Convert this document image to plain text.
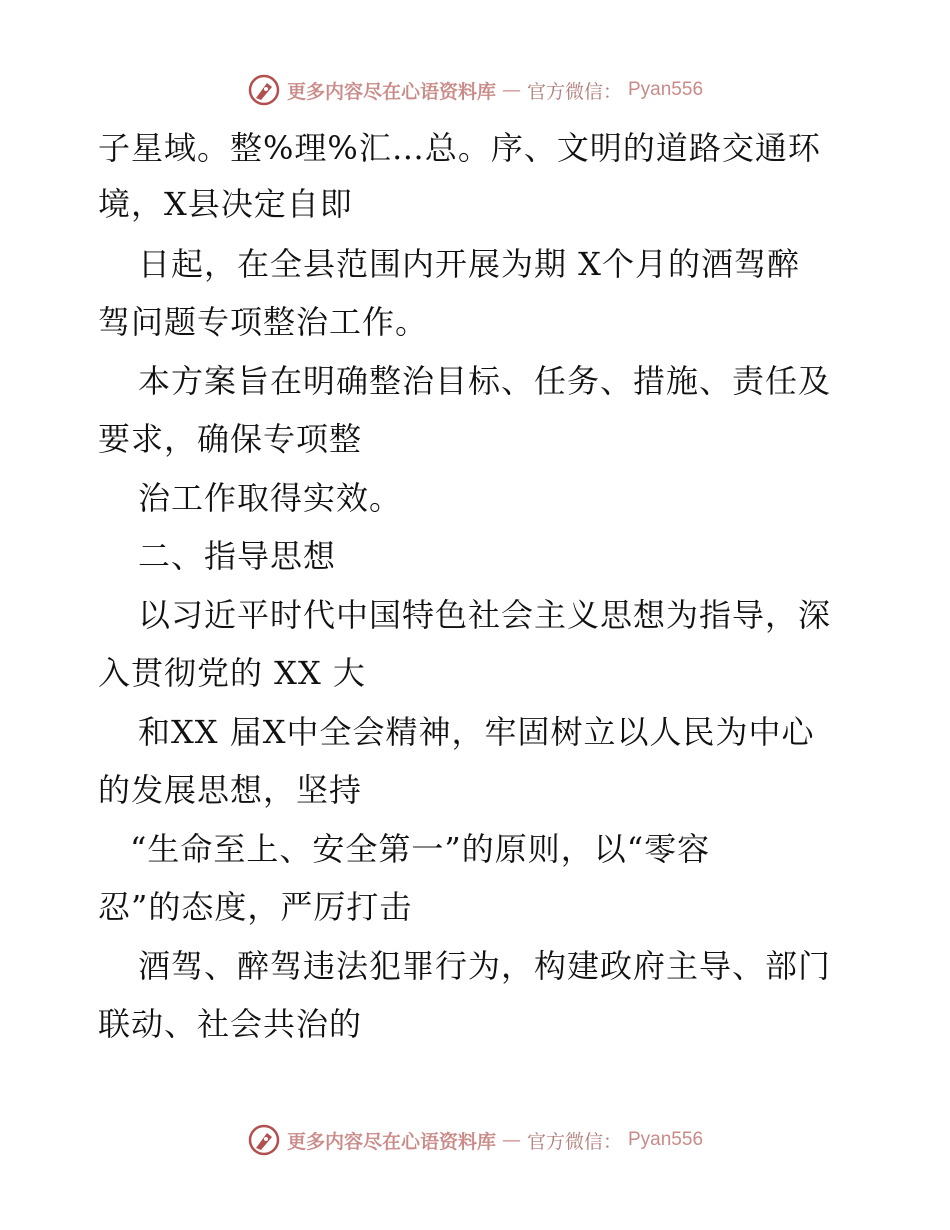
更多内容尽在心语资料库 — 官方微信： Pyan556
子星域。整%理%汇…总。序、文明的道路交通环
境，X县决定自即
日起，在全县范围内开展为期 X个月的酒驾醉
驾问题专项整治工作。
本方案旨在明确整治目标、任务、措施、责任及
要求，确保专项整
治工作取得实效。
二、指导思想
以习近平时代中国特色社会主义思想为指导，深
入贯彻党的 XX 大
和XX 届X中全会精神，牢固树立以人民为中心
的发展思想，坚持
“生命至上、安全第一”的原则，以“零容
忍”的态度，严厉打击
酒驾、醉驾违法犯罪行为，构建政府主导、部门
联动、社会共治的
更多内容尽在心语资料库 — 官方微信： Pyan556
